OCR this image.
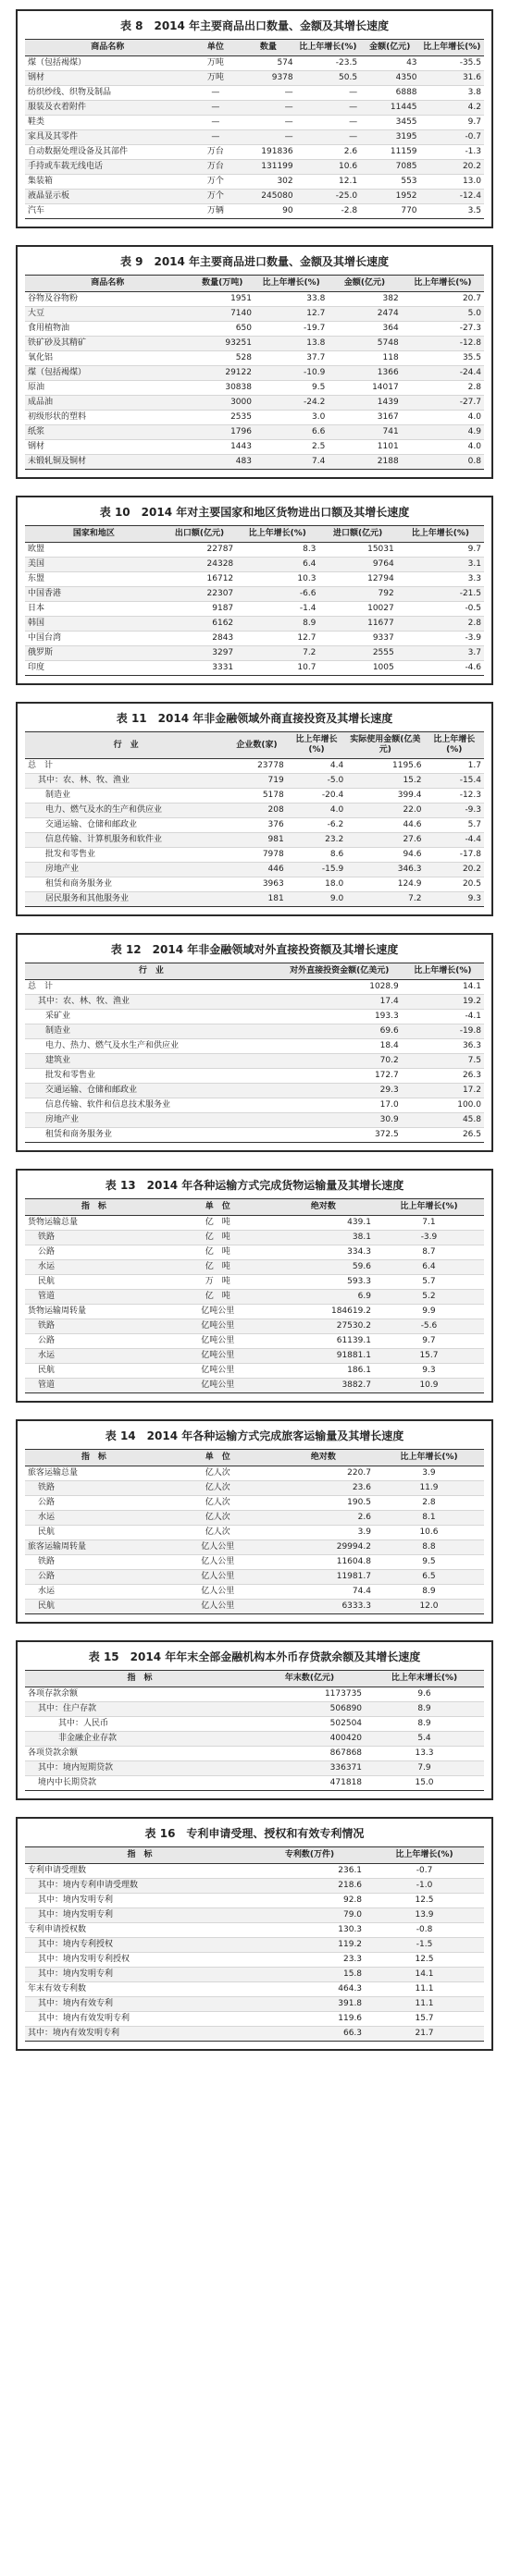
表 8　2014 年主要商品出口数量、金额及其增长速度
商品名称	单位	数量	比上年增长(%)	金额(亿元)	比上年增长(%)
煤（包括褐煤）	万吨	574	-23.5	43	-35.5
钢材	万吨	9378	50.5	4350	31.6
纺织纱线、织物及制品	—	—	—	6888	3.8
服装及衣着附件	—	—	—	11445	4.2
鞋类	—	—	—	3455	9.7
家具及其零件	—	—	—	3195	-0.7
自动数据处理设备及其部件	万台	191836	2.6	11159	-1.3
手持或车载无线电话	万台	131199	10.6	7085	20.2
集装箱	万个	302	12.1	553	13.0
液晶显示板	万个	245080	-25.0	1952	-12.4
汽车	万辆	90	-2.8	770	3.5
表 9　2014 年主要商品进口数量、金额及其增长速度
商品名称	数量(万吨)	比上年增长(%)	金额(亿元)	比上年增长(%)
谷物及谷物粉	1951	33.8	382	20.7
大豆	7140	12.7	2474	5.0
食用植物油	650	-19.7	364	-27.3
铁矿砂及其精矿	93251	13.8	5748	-12.8
氧化铝	528	37.7	118	35.5
煤（包括褐煤）	29122	-10.9	1366	-24.4
原油	30838	9.5	14017	2.8
成品油	3000	-24.2	1439	-27.7
初级形状的塑料	2535	3.0	3167	4.0
纸浆	1796	6.6	741	4.9
钢材	1443	2.5	1101	4.0
未锻轧铜及铜材	483	7.4	2188	0.8
表 10　2014 年对主要国家和地区货物进出口额及其增长速度
国家和地区	出口额(亿元)	比上年增长(%)	进口额(亿元)	比上年增长(%)
欧盟	22787	8.3	15031	9.7
美国	24328	6.4	9764	3.1
东盟	16712	10.3	12794	3.3
中国香港	22307	-6.6	792	-21.5
日本	9187	-1.4	10027	-0.5
韩国	6162	8.9	11677	2.8
中国台湾	2843	12.7	9337	-3.9
俄罗斯	3297	7.2	2555	3.7
印度	3331	10.7	1005	-4.6
表 11　2014 年非金融领域外商直接投资及其增长速度
行　业	企业数(家)	比上年增长(%)	实际使用金额(亿美元)	比上年增长(%)
总　计	23778	4.4	1195.6	1.7
其中：农、林、牧、渔业	719	-5.0	15.2	-15.4
制造业	5178	-20.4	399.4	-12.3
电力、燃气及水的生产和供应业	208	4.0	22.0	-9.3
交通运输、仓储和邮政业	376	-6.2	44.6	5.7
信息传输、计算机服务和软件业	981	23.2	27.6	-4.4
批发和零售业	7978	8.6	94.6	-17.8
房地产业	446	-15.9	346.3	20.2
租赁和商务服务业	3963	18.0	124.9	20.5
居民服务和其他服务业	181	9.0	7.2	9.3
表 12　2014 年非金融领域对外直接投资额及其增长速度
行　业	对外直接投资金额(亿美元)	比上年增长(%)
总　计	1028.9	14.1
其中：农、林、牧、渔业	17.4	19.2
采矿业	193.3	-4.1
制造业	69.6	-19.8
电力、热力、燃气及水生产和供应业	18.4	36.3
建筑业	70.2	7.5
批发和零售业	172.7	26.3
交通运输、仓储和邮政业	29.3	17.2
信息传输、软件和信息技术服务业	17.0	100.0
房地产业	30.9	45.8
租赁和商务服务业	372.5	26.5
表 13　2014 年各种运输方式完成货物运输量及其增长速度
指　标	单　位	绝对数	比上年增长(%)
货物运输总量	亿　吨	439.1	7.1
铁路	亿　吨	38.1	-3.9
公路	亿　吨	334.3	8.7
水运	亿　吨	59.6	6.4
民航	万　吨	593.3	5.7
管道	亿　吨	6.9	5.2
货物运输周转量	亿吨公里	184619.2	9.9
铁路	亿吨公里	27530.2	-5.6
公路	亿吨公里	61139.1	9.7
水运	亿吨公里	91881.1	15.7
民航	亿吨公里	186.1	9.3
管道	亿吨公里	3882.7	10.9
表 14　2014 年各种运输方式完成旅客运输量及其增长速度
指　标	单　位	绝对数	比上年增长(%)
旅客运输总量	亿人次	220.7	3.9
铁路	亿人次	23.6	11.9
公路	亿人次	190.5	2.8
水运	亿人次	2.6	8.1
民航	亿人次	3.9	10.6
旅客运输周转量	亿人公里	29994.2	8.8
铁路	亿人公里	11604.8	9.5
公路	亿人公里	11981.7	6.5
水运	亿人公里	74.4	8.9
民航	亿人公里	6333.3	12.0
表 15　2014 年年末全部金融机构本外币存贷款余额及其增长速度
指　标	年末数(亿元)	比上年末增长(%)
各项存款余额	1173735	9.6
其中：住户存款	506890	8.9
其中：人民币	502504	8.9
非金融企业存款	400420	5.4
各项贷款余额	867868	13.3
其中：境内短期贷款	336371	7.9
境内中长期贷款	471818	15.0
表 16　专利申请受理、授权和有效专利情况
指　标	专利数(万件)	比上年增长(%)
专利申请受理数	236.1	-0.7
其中：境内专利申请受理数	218.6	-1.0
其中：境内发明专利	92.8	12.5
其中：境内发明专利	79.0	13.9
专利申请授权数	130.3	-0.8
其中：境内专利授权	119.2	-1.5
其中：境内发明专利授权	23.3	12.5
其中：境内发明专利	15.8	14.1
年末有效专利数	464.3	11.1
其中：境内有效专利	391.8	11.1
其中：境内有效发明专利	119.6	15.7
其中：境内有效发明专利	66.3	21.7
